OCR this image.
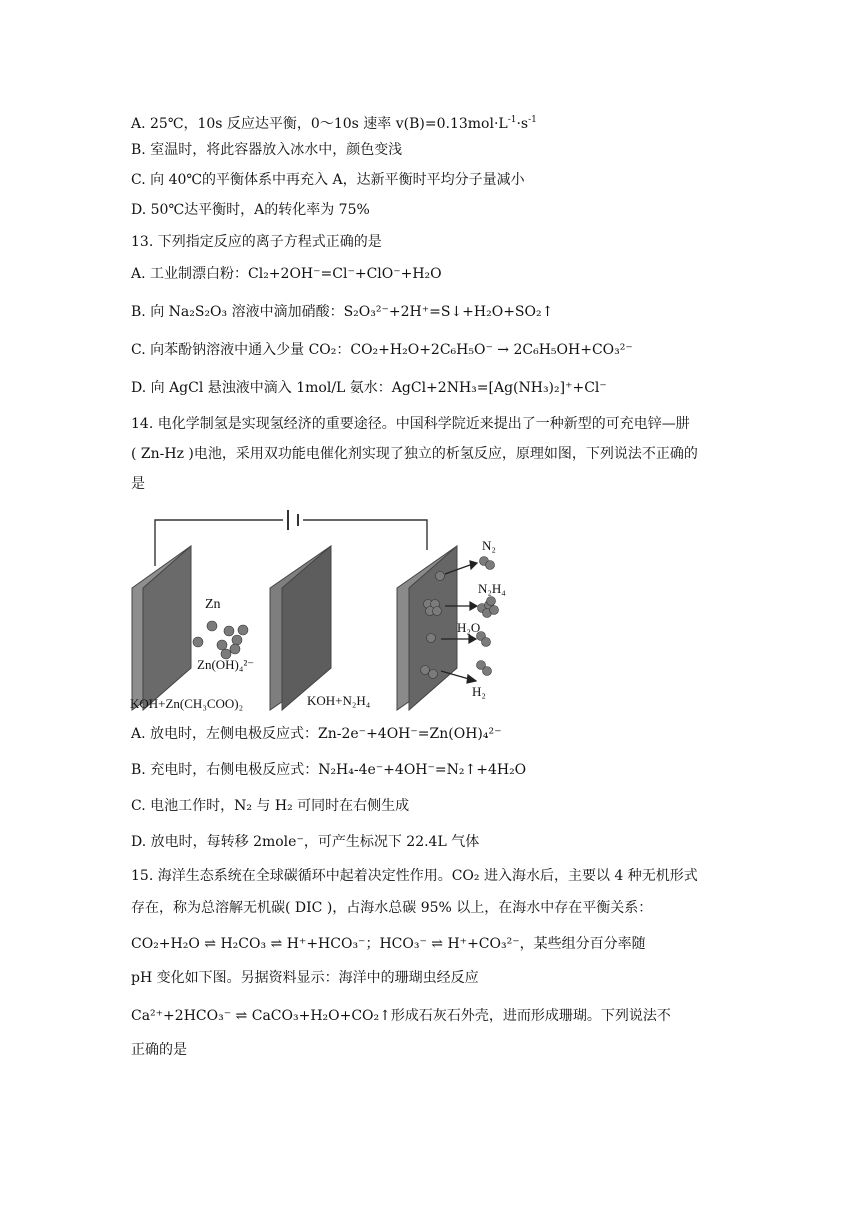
A. 25℃，10s 反应达平衡，0～10s 速率 $v(B)=0.13mol\cdot L^{-1}\cdot s^{-1}$
B. 室温时，将此容器放入冰水中，颜色变浅
C. 向 40℃的平衡体系中再充入 A，达新平衡时平均分子量减小
D. 50℃达平衡时，A的转化率为 75%
13. 下列指定反应的离子方程式正确的是
A. 工业制漂白粉：Cl₂+2OH⁻=Cl⁻+ClO⁻+H₂O
B. 向 Na₂S₂O₃ 溶液中滴加硝酸：S₂O₃²⁻+2H⁺=S↓+H₂O+SO₂↑
C. 向苯酚钠溶液中通入少量 CO₂：CO₂+H₂O+2C₆H₅O⁻ → 2C₆H₅OH+CO₃²⁻
D. 向 AgCl 悬浊液中滴入 1mol/L 氨水：AgCl+2NH₃=[Ag(NH₃)₂]⁺+Cl⁻
14. 电化学制氢是实现氢经济的重要途径。中国科学院近来提出了一种新型的可充电锌—肼
( Zn-Hz )电池，采用双功能电催化剂实现了独立的析氢反应，原理如图，下列说法不正确的
是
Zn
Zn(OH)₄²⁻
KOH+Zn(CH₃COO)₂	KOH+N₂H₄
N₂
N₂H₄
H₂O
H₂
A. 放电时，左侧电极反应式：Zn-2e⁻+4OH⁻=Zn(OH)₄²⁻
B. 充电时，右侧电极反应式：N₂H₄-4e⁻+4OH⁻=N₂↑+4H₂O
C. 电池工作时，N₂ 与 H₂ 可同时在右侧生成
D. 放电时，每转移 2mole⁻，可产生标况下 22.4L 气体
15. 海洋生态系统在全球碳循环中起着决定性作用。CO₂ 进入海水后，主要以 4 种无机形式
存在，称为总溶解无机碳( DIC )，占海水总碳 95% 以上，在海水中存在平衡关系：
CO₂+H₂O ⇌ H₂CO₃ ⇌ H⁺+HCO₃⁻；HCO₃⁻ ⇌ H⁺+CO₃²⁻，某些组分百分率随
pH 变化如下图。另据资料显示：海洋中的珊瑚虫经反应
Ca²⁺+2HCO₃⁻ ⇌ CaCO₃+H₂O+CO₂↑形成石灰石外壳，进而形成珊瑚。下列说法不
正确的是
